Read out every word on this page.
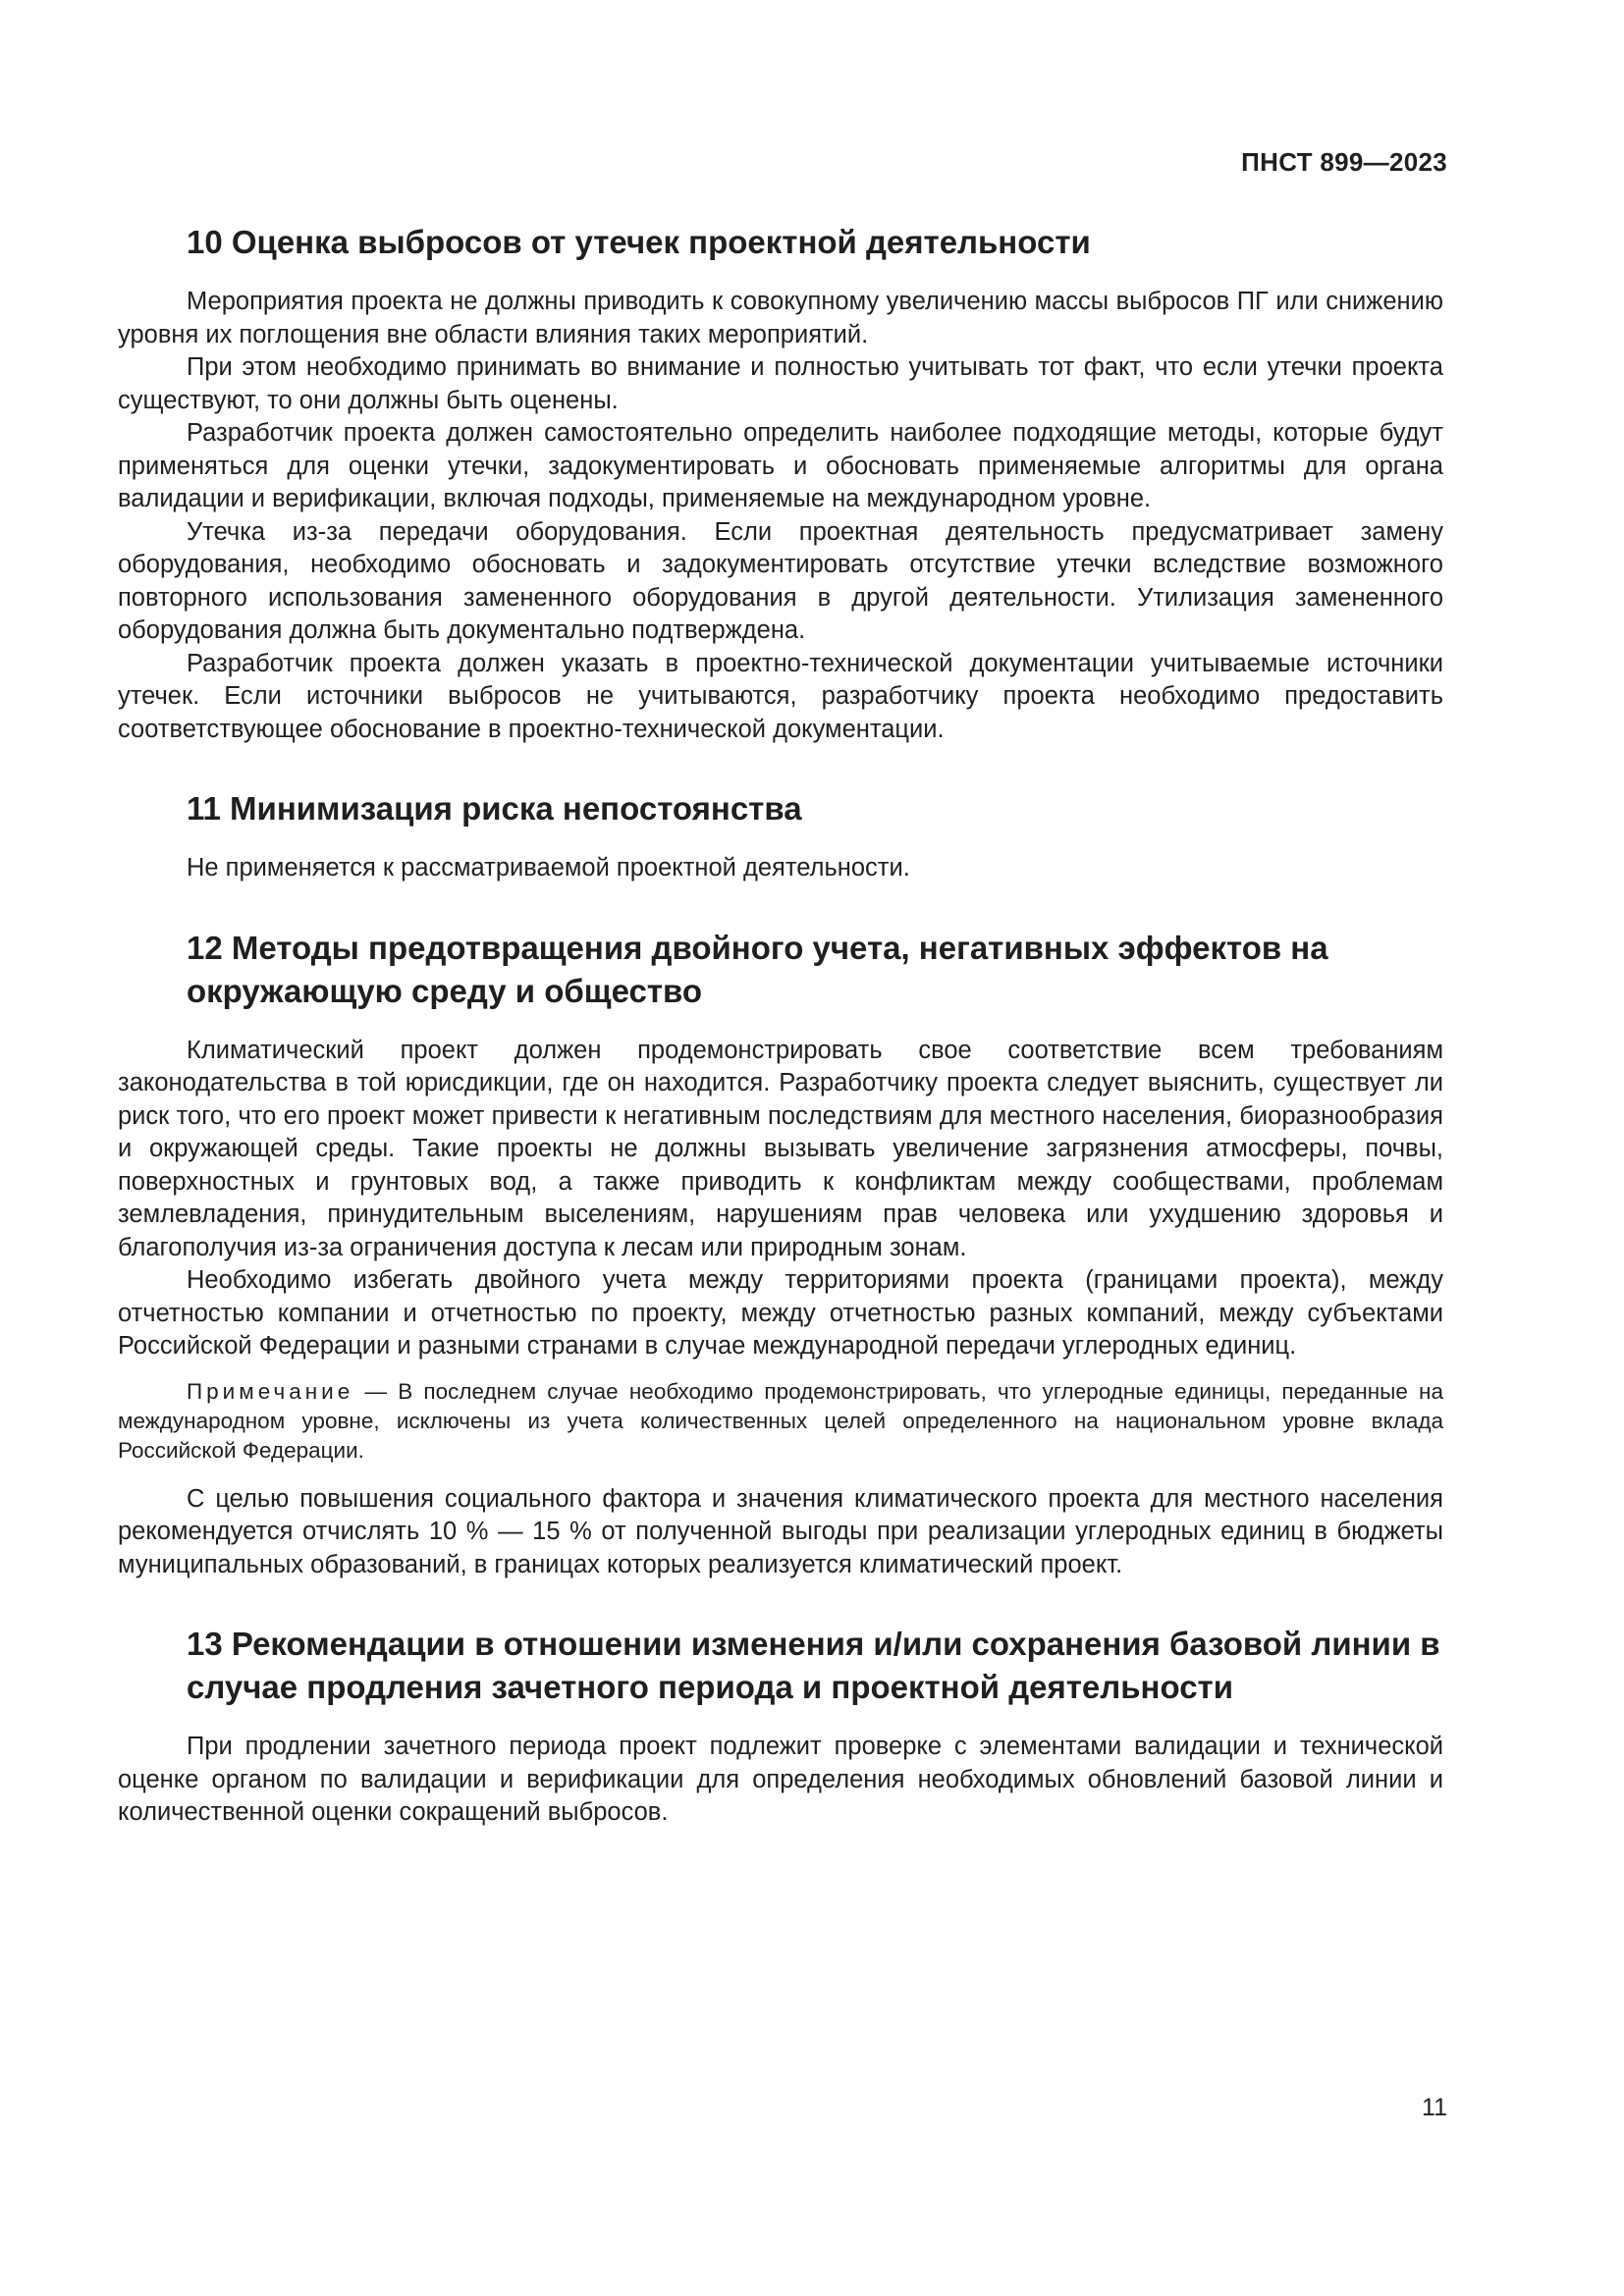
ПНСТ 899—2023
10 Оценка выбросов от утечек проектной деятельности

Мероприятия проекта не должны приводить к совокупному увеличению массы выбросов ПГ или снижению уровня их поглощения вне области влияния таких мероприятий.

При этом необходимо принимать во внимание и полностью учитывать тот факт, что если утечки проекта существуют, то они должны быть оценены.

Разработчик проекта должен самостоятельно определить наиболее подходящие методы, которые будут применяться для оценки утечки, задокументировать и обосновать применяемые алгоритмы для органа валидации и верификации, включая подходы, применяемые на международном уровне.

Утечка из-за передачи оборудования. Если проектная деятельность предусматривает замену оборудования, необходимо обосновать и задокументировать отсутствие утечки вследствие возможного повторного использования замененного оборудования в другой деятельности. Утилизация замененного оборудования должна быть документально подтверждена.

Разработчик проекта должен указать в проектно-технической документации учитываемые источники утечек. Если источники выбросов не учитываются, разработчику проекта необходимо предоставить соответствующее обоснование в проектно-технической документации.

11 Минимизация риска непостоянства

Не применяется к рассматриваемой проектной деятельности.

12 Методы предотвращения двойного учета, негативных эффектов на окружающую среду и общество

Климатический проект должен продемонстрировать свое соответствие всем требованиям законодательства в той юрисдикции, где он находится. Разработчику проекта следует выяснить, существует ли риск того, что его проект может привести к негативным последствиям для местного населения, биоразнообразия и окружающей среды. Такие проекты не должны вызывать увеличение загрязнения атмосферы, почвы, поверхностных и грунтовых вод, а также приводить к конфликтам между сообществами, проблемам землевладения, принудительным выселениям, нарушениям прав человека или ухудшению здоровья и благополучия из-за ограничения доступа к лесам или природным зонам.

Необходимо избегать двойного учета между территориями проекта (границами проекта), между отчетностью компании и отчетностью по проекту, между отчетностью разных компаний, между субъектами Российской Федерации и разными странами в случае международной передачи углеродных единиц.

Примечание — В последнем случае необходимо продемонстрировать, что углеродные единицы, переданные на международном уровне, исключены из учета количественных целей определенного на национальном уровне вклада Российской Федерации.

С целью повышения социального фактора и значения климатического проекта для местного населения рекомендуется отчислять 10 % — 15 % от полученной выгоды при реализации углеродных единиц в бюджеты муниципальных образований, в границах которых реализуется климатический проект.

13 Рекомендации в отношении изменения и/или сохранения базовой линии в случае продления зачетного периода и проектной деятельности

При продлении зачетного периода проект подлежит проверке с элементами валидации и технической оценке органом по валидации и верификации для определения необходимых обновлений базовой линии и количественной оценки сокращений выбросов.

11
